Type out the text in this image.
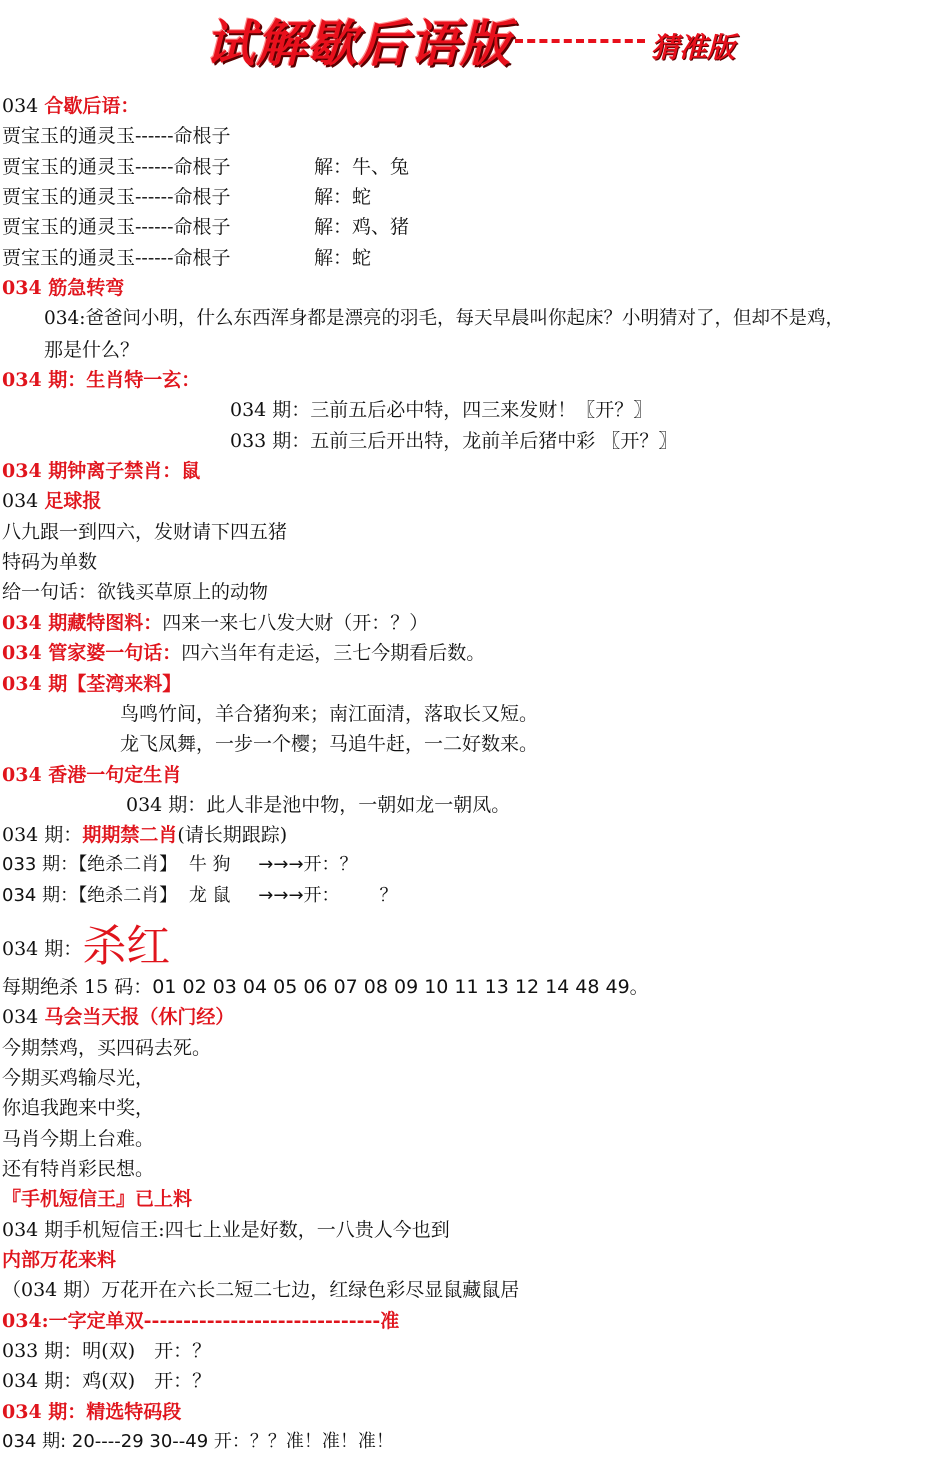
试解歇后语版	猜准版
034 合歇后语：
贾宝玉的通灵玉------命根子
贾宝玉的通灵玉------命根子	解：牛、兔
贾宝玉的通灵玉------命根子	解：蛇
贾宝玉的通灵玉------命根子	解：鸡、猪
贾宝玉的通灵玉------命根子	解：蛇
034 筋急转弯
034:爸爸问小明，什么东西浑身都是漂亮的羽毛，每天早晨叫你起床？小明猜对了，但却不是鸡，
那是什么？
034 期：生肖特一玄：
034 期：三前五后必中特，四三来发财！〖开？〗
033 期：五前三后开出特，龙前羊后猪中彩 〖开？〗
034 期钟离子禁肖：鼠
034 足球报
八九跟一到四六，发财请下四五猪
特码为单数
给一句话：欲钱买草原上的动物
034 期藏特图料：四来一来七八发大财（开：？）
034 管家婆一句话：四六当年有走运，三七今期看后数。
034 期【荃湾来料】
鸟鸣竹间，羊合猪狗来；南江面清，落取长又短。
龙飞凤舞，一步一个樱；马追牛赶，一二好数来。
034 香港一句定生肖
034 期：此人非是池中物，一朝如龙一朝凤。
034 期：期期禁二肖(请长期跟踪)
033 期：【绝杀二肖】 牛 狗 →→→开：？
034 期：【绝杀二肖】 龙 鼠 →→→开： ？
034 期：杀红
每期绝杀 15 码：01 02 03 04 05 06 07 08 09 10 11 13 12 14 48 49。
034 马会当天报（休门经）
今期禁鸡，买四码去死。
今期买鸡输尽光，
你追我跑来中奖，
马肖今期上台难。
还有特肖彩民想。
『手机短信王』已上料
034 期手机短信王:四七上业是好数，一八贵人今也到
内部万花来料
（034 期）万花开在六长二短二七边，红绿色彩尽显鼠藏鼠居
034:一字定单双------------------------------准
033 期：明(双)　开：？
034 期：鸡(双)　开：？
034 期：精选特码段
034 期: 20----29 30--49 开：？？准！准！准！
